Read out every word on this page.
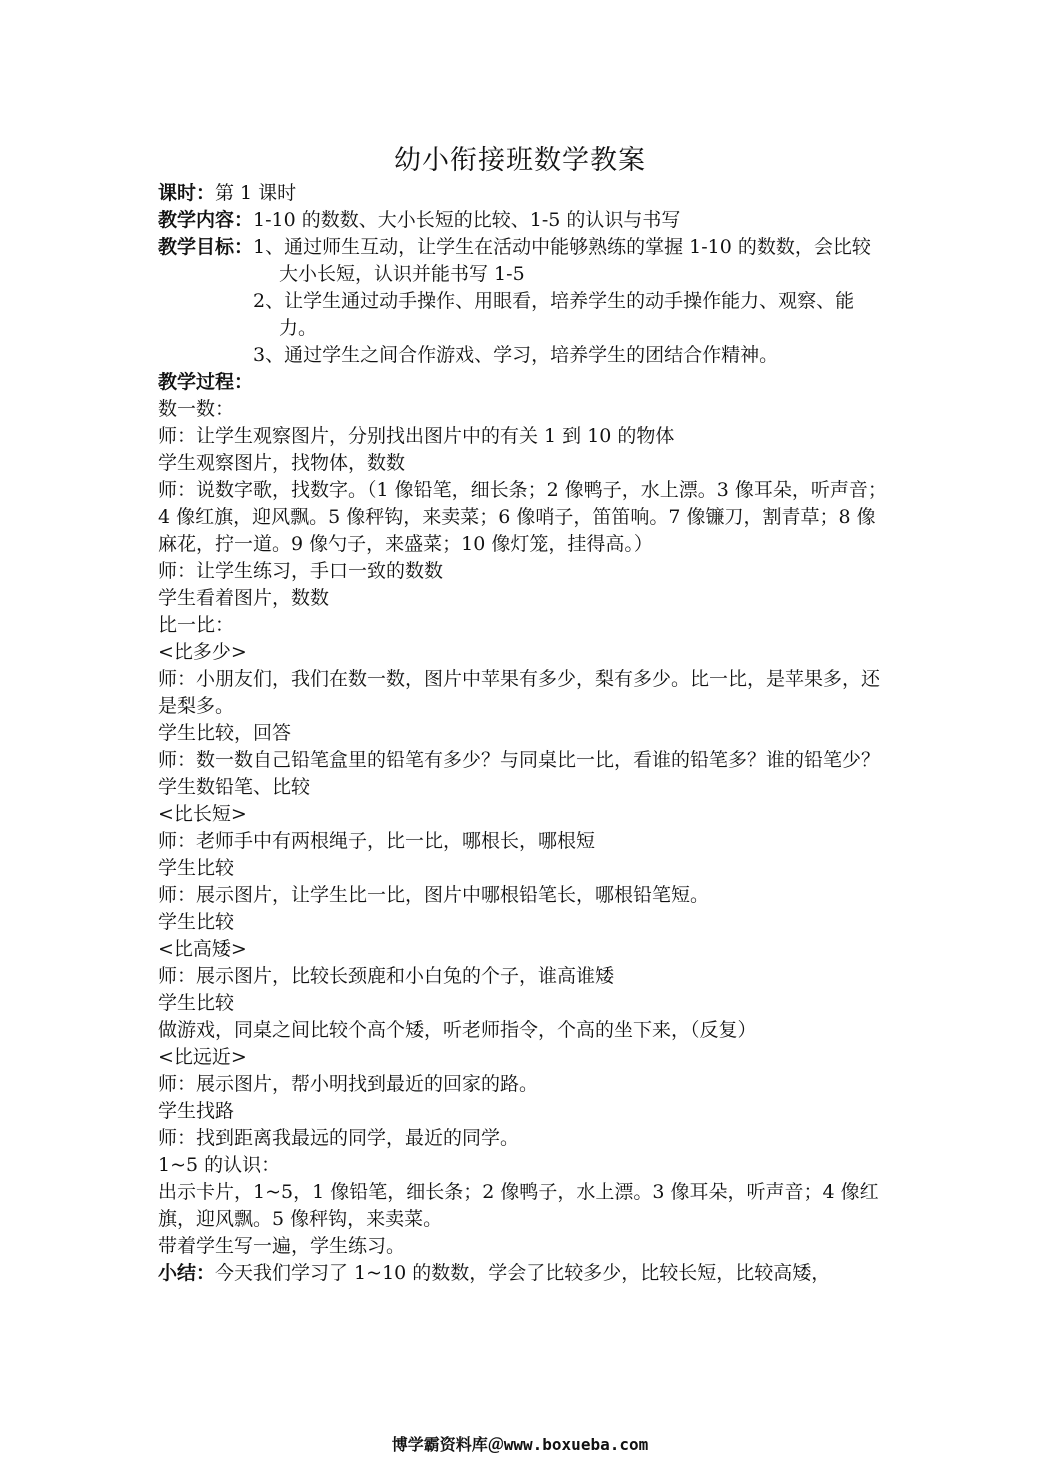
幼小衔接班数学教案
课时：第 1 课时
教学内容：1-10 的数数、大小长短的比较、1-5 的认识与书写
教学目标： 1、通过师生互动，让学生在活动中能够熟练的掌握 1-10 的数数，会比较大小长短，认识并能书写 1-5
2、让学生通过动手操作、用眼看，培养学生的动手操作能力、观察、能力。
3、通过学生之间合作游戏、学习，培养学生的团结合作精神。
教学过程：
数一数：
师：让学生观察图片，分别找出图片中的有关 1 到 10 的物体
学生观察图片，找物体，数数
师：说数字歌，找数字。（1 像铅笔，细长条；2 像鸭子，水上漂。3 像耳朵，听声音；4 像红旗，迎风飘。5 像秤钩，来卖菜；6 像哨子，笛笛响。7 像镰刀，割青草；8 像麻花，拧一道。9 像勺子，来盛菜；10 像灯笼，挂得高。）
师：让学生练习，手口一致的数数
学生看着图片，数数
比一比：
<比多少>
师：小朋友们，我们在数一数，图片中苹果有多少，梨有多少。比一比，是苹果多，还是梨多。
学生比较，回答
师：数一数自己铅笔盒里的铅笔有多少？与同桌比一比，看谁的铅笔多？谁的铅笔少？
学生数铅笔、比较
<比长短>
师：老师手中有两根绳子，比一比，哪根长，哪根短
学生比较
师：展示图片，让学生比一比，图片中哪根铅笔长，哪根铅笔短。
学生比较
<比高矮>
师：展示图片，比较长颈鹿和小白兔的个子，谁高谁矮
学生比较
做游戏，同桌之间比较个高个矮，听老师指令，个高的坐下来，（反复）
<比远近>
师：展示图片，帮小明找到最近的回家的路。
学生找路
师：找到距离我最远的同学，最近的同学。
1~5 的认识：
出示卡片，1~5，1 像铅笔，细长条；2 像鸭子，水上漂。3 像耳朵，听声音；4 像红旗，迎风飘。5 像秤钩，来卖菜。
带着学生写一遍，学生练习。
小结：今天我们学习了 1~10 的数数，学会了比较多少，比较长短，比较高矮，
博学霸资料库＠www.boxueba.com
